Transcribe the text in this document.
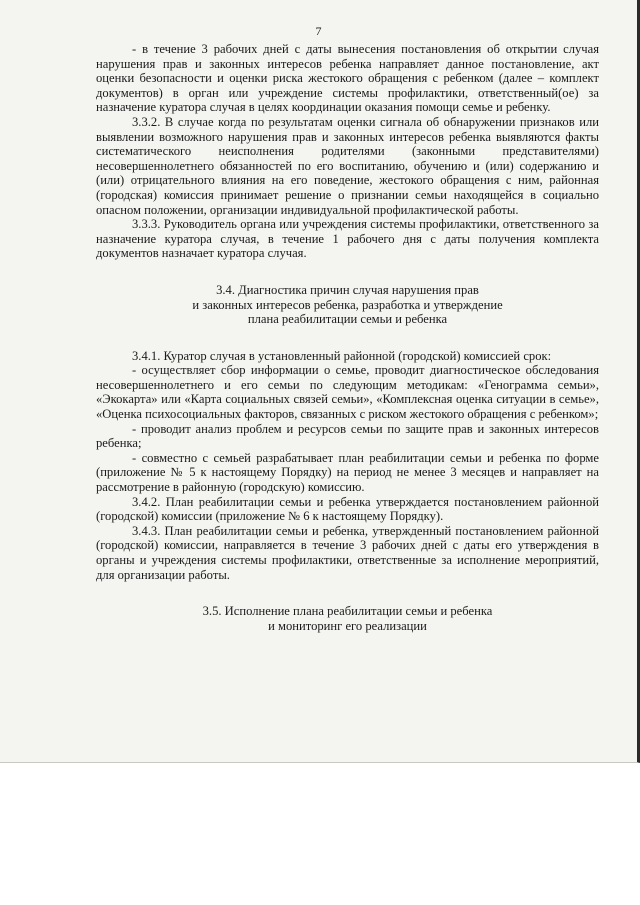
7

- в течение 3 рабочих дней с даты вынесения постановления об открытии случая нарушения прав и законных интересов ребенка направляет данное постановление, акт оценки безопасности и оценки риска жестокого обращения с ребенком (далее – комплект документов) в орган или учреждение системы профилактики, ответственный(ое) за назначение куратора случая в целях координации оказания помощи семье и ребенку.

3.3.2. В случае когда по результатам оценки сигнала об обнаружении признаков или выявлении возможного нарушения прав и законных интересов ребенка выявляются факты систематического неисполнения родителями (законными представителями) несовершеннолетнего обязанностей по его воспитанию, обучению и (или) содержанию и (или) отрицательного влияния на его поведение, жестокого обращения с ним, районная (городская) комиссия принимает решение о признании семьи находящейся в социально опасном положении, организации индивидуальной профилактической работы.

3.3.3. Руководитель органа или учреждения системы профилактики, ответственного за назначение куратора случая, в течение 1 рабочего дня с даты получения комплекта документов назначает куратора случая.

3.4. Диагностика причин случая нарушения прав
и законных интересов ребенка, разработка и утверждение
плана реабилитации семьи и ребенка

3.4.1. Куратор случая в установленный районной (городской) комиссией срок:

- осуществляет сбор информации о семье, проводит диагностическое обследования несовершеннолетнего и его семьи по следующим методикам: «Генограмма семьи», «Экокарта» или «Карта социальных связей семьи», «Комплексная оценка ситуации в семье», «Оценка психосоциальных факторов, связанных с риском жестокого обращения с ребенком»;

- проводит анализ проблем и ресурсов семьи по защите прав и законных интересов ребенка;

- совместно с семьей разрабатывает план реабилитации семьи и ребенка по форме (приложение № 5 к настоящему Порядку) на период не менее 3 месяцев и направляет на рассмотрение в районную (городскую) комиссию.

3.4.2. План реабилитации семьи и ребенка утверждается постановлением районной (городской) комиссии (приложение № 6 к настоящему Порядку).

3.4.3. План реабилитации семьи и ребенка, утвержденный постановлением районной (городской) комиссии, направляется в течение 3 рабочих дней с даты его утверждения в органы и учреждения системы профилактики, ответственные за исполнение мероприятий, для организации работы.

3.5. Исполнение плана реабилитации семьи и ребенка
и мониторинг его реализации
